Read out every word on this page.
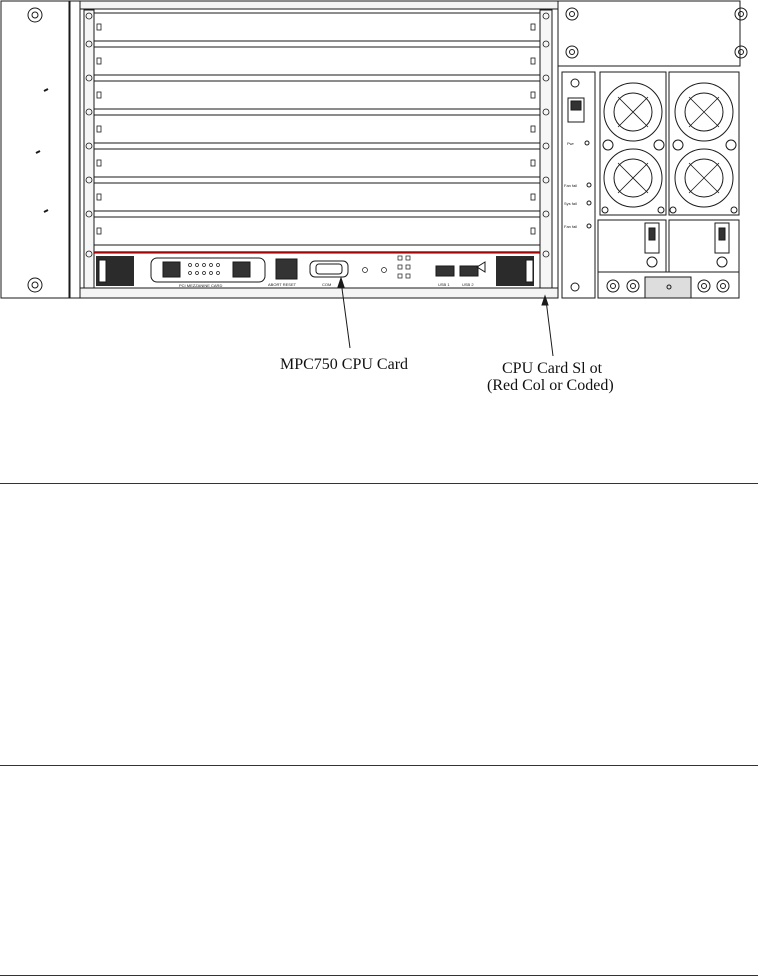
PCI MEZZANINE CARD	ABORT RESET	COM	USB 1	USB 2
Pwr
Fan fail
Sys fail
Fan fail
MPC750 CPU Card	CPU Card Sl ot
(Red Col or Coded)
